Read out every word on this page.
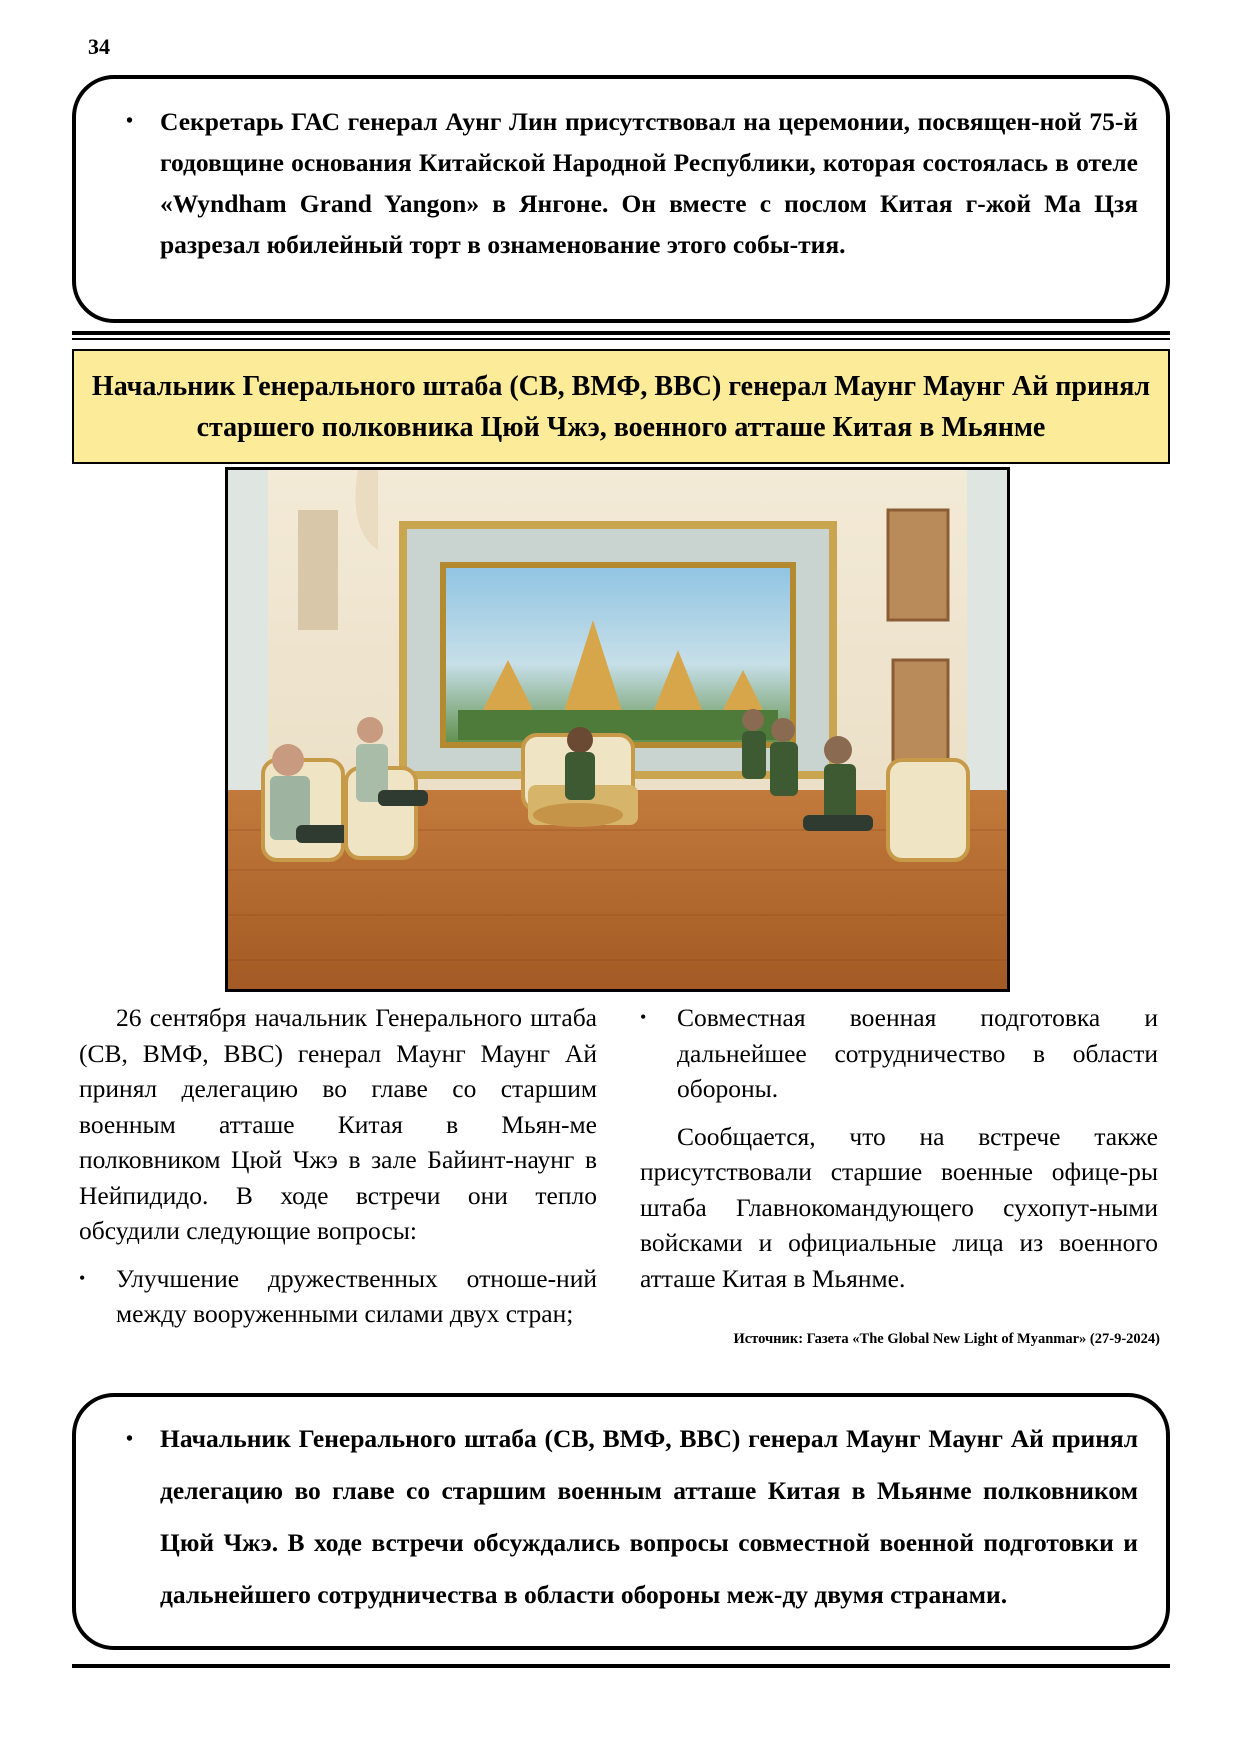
34
• Секретарь ГАС генерал Аунг Лин присутствовал на церемонии, посвящен-ной 75-й годовщине основания Китайской Народной Республики, которая состоялась в отеле «Wyndham Grand Yangon» в Янгоне. Он вместе с послом Китая г-жой Ма Цзя разрезал юбилейный торт в ознаменование этого собы-тия.
Начальник Генерального штаба (СВ, ВМФ, ВВС) генерал Маунг Маунг Ай принял старшего полковника Цюй Чжэ, военного атташе Китая в Мьянме

26 сентября начальник Генерального штаба (СВ, ВМФ, ВВС) генерал Маунг Маунг Ай принял делегацию во главе со старшим военным атташе Китая в Мьян-ме полковником Цюй Чжэ в зале Байинт-наунг в Нейпидидо. В ходе встречи они тепло обсудили следующие вопросы:

• Улучшение дружественных отноше-ний между вооруженными силами двух стран;
• Совместная военная подготовка и дальнейшее сотрудничество в области обороны.

Сообщается, что на встрече также присутствовали старшие военные офице-ры штаба Главнокомандующего сухопут-ными войсками и официальные лица из военного атташе Китая в Мьянме.

Источник: Газета «The Global New Light of Myanmar» (27-9-2024)
• Начальник Генерального штаба (СВ, ВМФ, ВВС) генерал Маунг Маунг Ай принял делегацию во главе со старшим военным атташе Китая в Мьянме полковником Цюй Чжэ. В ходе встречи обсуждались вопросы совместной военной подготовки и дальнейшего сотрудничества в области обороны меж-ду двумя странами.
